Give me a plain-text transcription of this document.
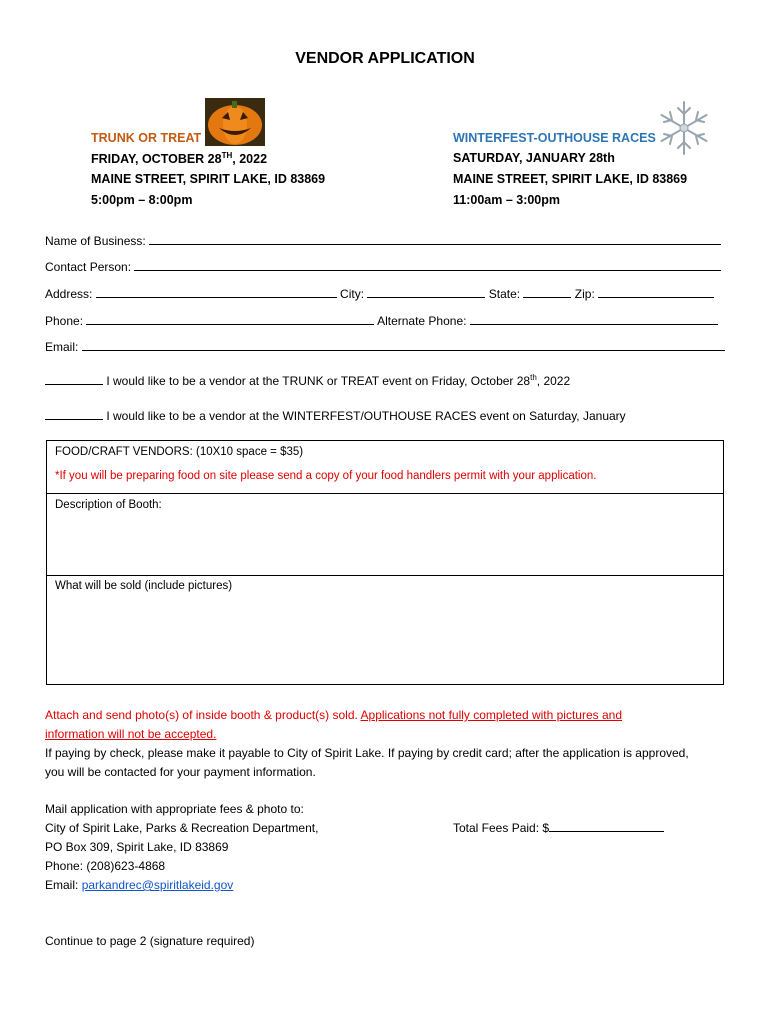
VENDOR APPLICATION
TRUNK OR TREAT
FRIDAY, OCTOBER 28TH, 2022
MAINE STREET, SPIRIT LAKE, ID 83869
5:00pm – 8:00pm
WINTERFEST-OUTHOUSE RACES
SATURDAY, JANUARY 28th
MAINE STREET, SPIRIT LAKE, ID 83869
11:00am – 3:00pm
Name of Business:
Contact Person:
Address:	City:	State:	Zip:
Phone:	Alternate Phone:
Email:
I would like to be a vendor at the TRUNK or TREAT event on Friday, October 28th, 2022
I would like to be a vendor at the WINTERFEST/OUTHOUSE RACES event on Saturday, January
FOOD/CRAFT VENDORS: (10X10 space = $35)
*If you will be preparing food on site please send a copy of your food handlers permit with your application.
Description of Booth:
What will be sold (include pictures)
Attach and send photo(s) of inside booth & product(s) sold. Applications not fully completed with pictures and
information will not be accepted.
If paying by check, please make it payable to City of Spirit Lake. If paying by credit card; after the application is approved,
you will be contacted for your payment information.
Mail application with appropriate fees & photo to:
City of Spirit Lake, Parks & Recreation Department,
PO Box 309, Spirit Lake, ID 83869
Phone: (208)623-4868
Email: parkandrec@spiritlakeid.gov
Total Fees Paid: $
Continue to page 2 (signature required)
